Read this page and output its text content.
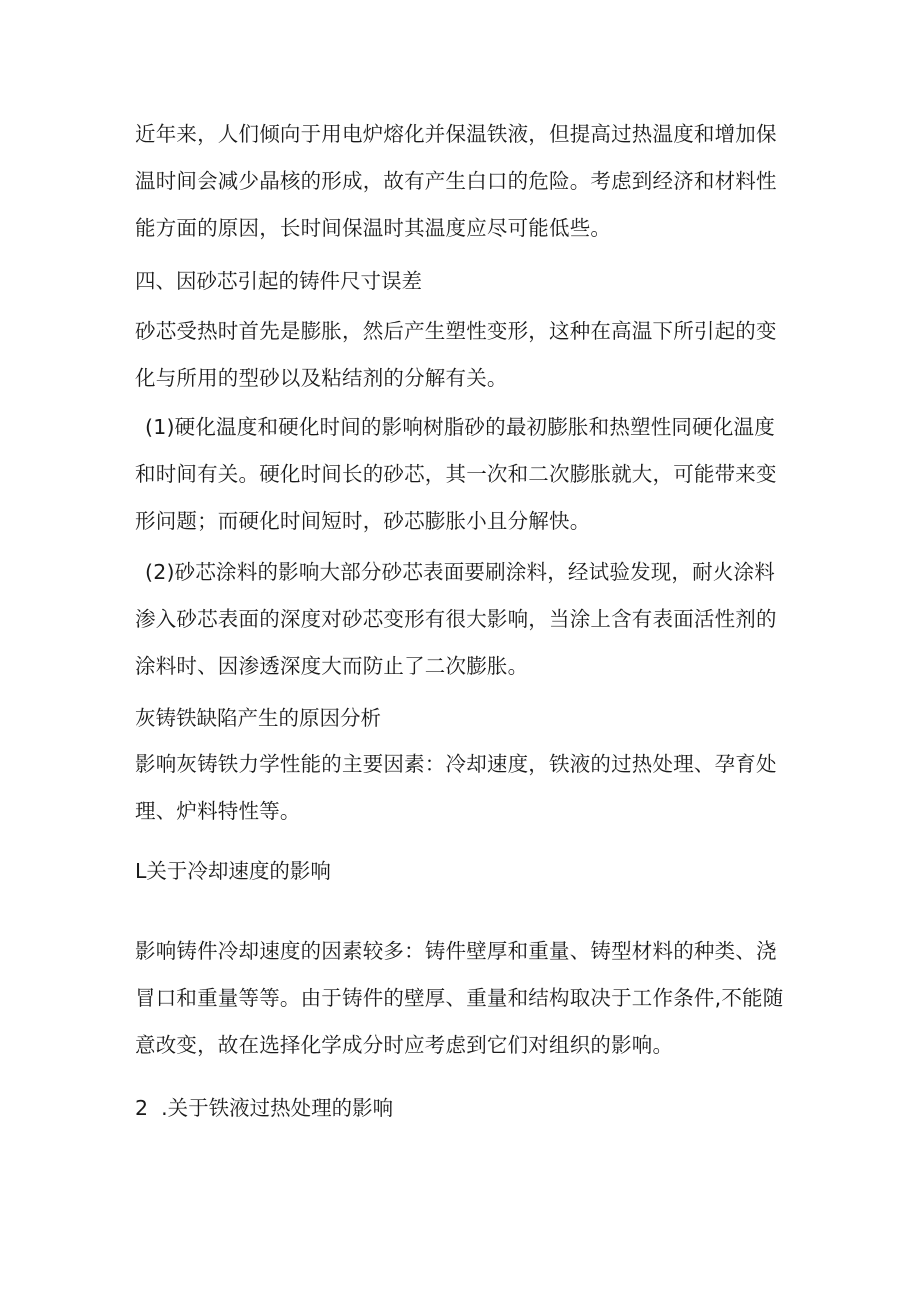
近年来，人们倾向于用电炉熔化并保温铁液，但提高过热温度和增加保温时间会减少晶核的形成，故有产生白口的危险。考虑到经济和材料性能方面的原因，长时间保温时其温度应尽可能低些。

四、因砂芯引起的铸件尺寸误差

砂芯受热时首先是膨胀，然后产生塑性变形，这种在高温下所引起的变化与所用的型砂以及粘结剂的分解有关。

(1)硬化温度和硬化时间的影响树脂砂的最初膨胀和热塑性同硬化温度和时间有关。硬化时间长的砂芯，其一次和二次膨胀就大，可能带来变形问题；而硬化时间短时，砂芯膨胀小且分解快。

(2)砂芯涂料的影响大部分砂芯表面要刷涂料，经试验发现，耐火涂料渗入砂芯表面的深度对砂芯变形有很大影响，当涂上含有表面活性剂的涂料时、因渗透深度大而防止了二次膨胀。

灰铸铁缺陷产生的原因分析

影响灰铸铁力学性能的主要因素：冷却速度，铁液的过热处理、孕育处理、炉料特性等。

L关于冷却速度的影响

影响铸件冷却速度的因素较多：铸件壁厚和重量、铸型材料的种类、浇冒口和重量等等。由于铸件的壁厚、重量和结构取决于工作条件,不能随意改变，故在选择化学成分时应考虑到它们对组织的影响。

2  .关于铁液过热处理的影响
